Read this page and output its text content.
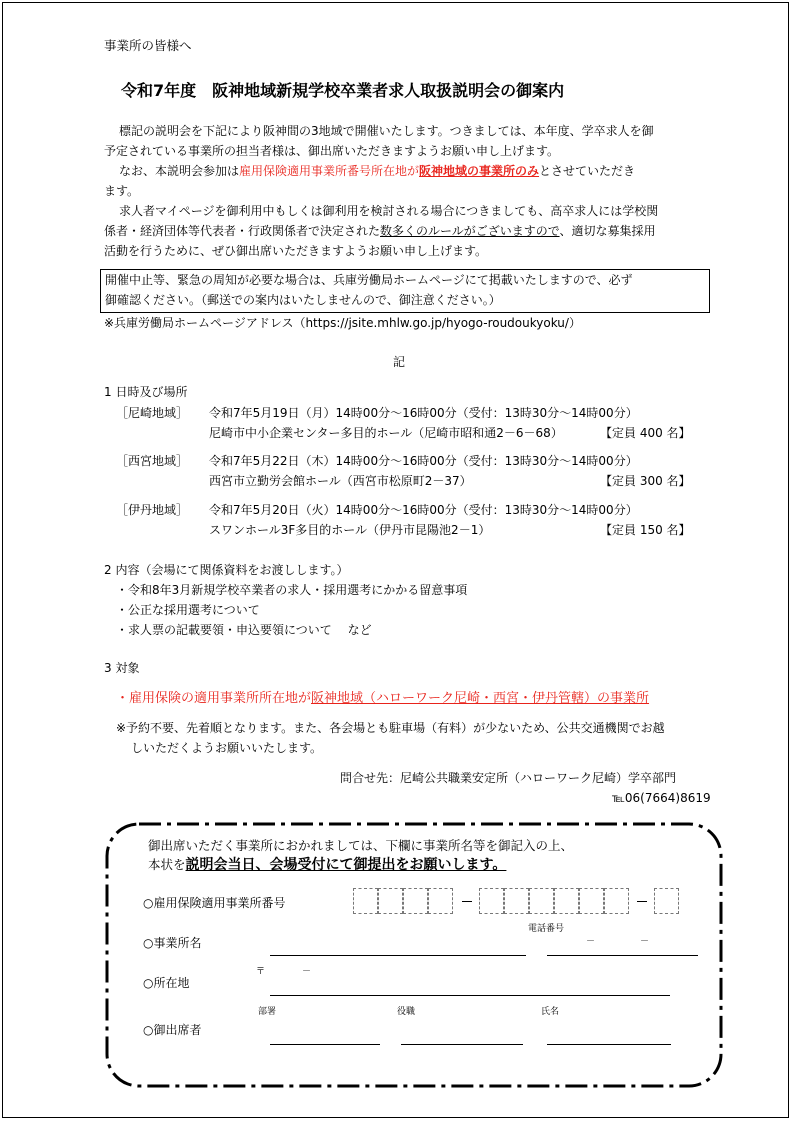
事業所の皆様へ
令和7年度　阪神地域新規学校卒業者求人取扱説明会の御案内
標記の説明会を下記により阪神間の3地域で開催いたします。つきましては、本年度、学卒求人を御
予定されている事業所の担当者様は、御出席いただきますようお願い申し上げます。
なお、本説明会参加は雇用保険適用事業所番号所在地が阪神地域の事業所のみとさせていただき
ます。
求人者マイページを御利用中もしくは御利用を検討される場合につきましても、高卒求人には学校関
係者・経済団体等代表者・行政関係者で決定された数多くのルールがございますので、適切な募集採用
活動を行うために、ぜひ御出席いただきますようお願い申し上げます。
開催中止等、緊急の周知が必要な場合は、兵庫労働局ホームページにて掲載いたしますので、必ず
御確認ください。（郵送での案内はいたしませんので、御注意ください。）
※兵庫労働局ホームページアドレス（https://jsite.mhlw.go.jp/hyogo-roudoukyoku/）
記
1 日時及び場所
［尼崎地域］ 令和7年5月19日（月）14時00分～16時00分（受付：13時30分～14時00分）
尼崎市中小企業センター多目的ホール（尼崎市昭和通2－6－68）	【定員 400 名】
［西宮地域］ 令和7年5月22日（木）14時00分～16時00分（受付：13時30分～14時00分）
西宮市立勤労会館ホール（西宮市松原町2－37）	【定員 300 名】
［伊丹地域］ 令和7年5月20日（火）14時00分～16時00分（受付：13時30分～14時00分）
スワンホール3F多目的ホール（伊丹市昆陽池2－1）	【定員 150 名】
2 内容（会場にて関係資料をお渡しします。）
・令和8年3月新規学校卒業者の求人・採用選考にかかる留意事項
・公正な採用選考について
・求人票の記載要領・申込要領について　 など
3 対象
・雇用保険の適用事業所所在地が阪神地域（ハローワーク尼崎・西宮・伊丹管轄）の事業所
※予約不要、先着順となります。また、各会場とも駐車場（有料）が少ないため、公共交通機関でお越
しいただくようお願いいたします。
問合せ先：尼崎公共職業安定所（ハローワーク尼崎）学卒部門
℡06(7664)8619
御出席いただく事業所におかれましては、下欄に事業所名等を御記入の上、
本状を説明会当日、会場受付にて御提出をお願いします。
○雇用保険適用事業所番号
○事業所名
電話番号
－　　　　　－
○所在地
〒	－
部署	役職	氏名
○御出席者
